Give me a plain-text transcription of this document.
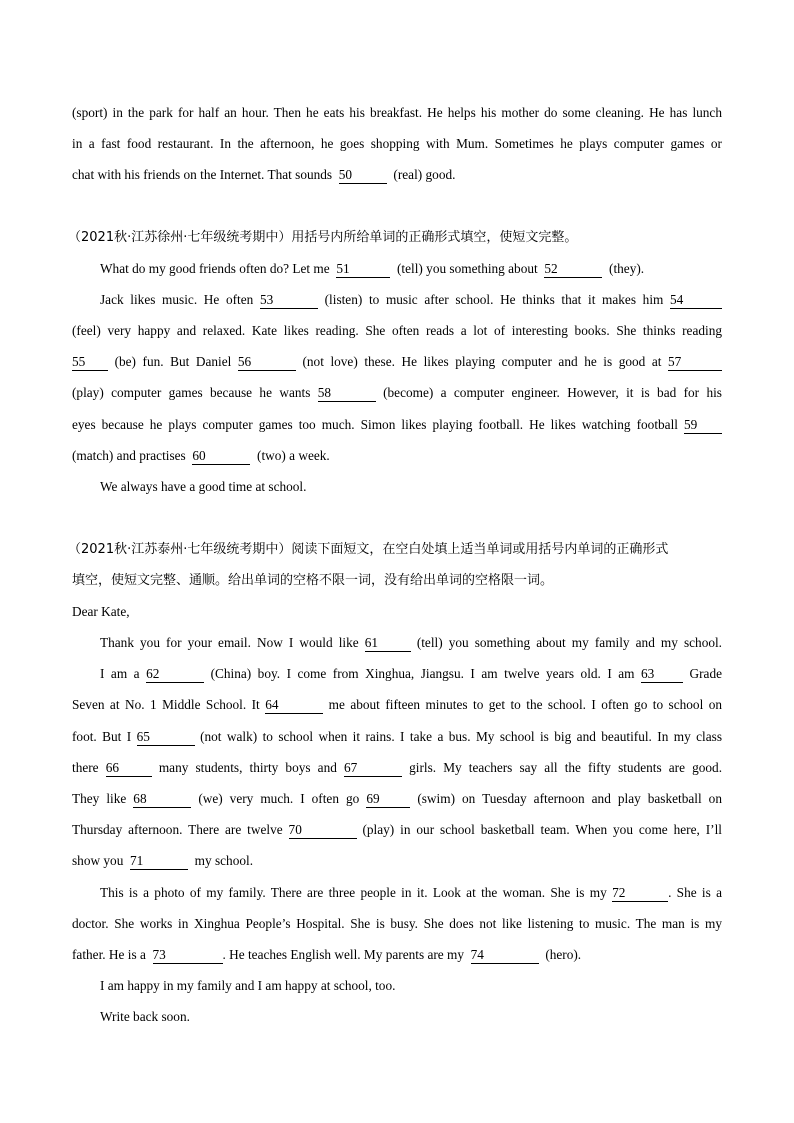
(sport) in the park for half an hour. Then he eats his breakfast. He helps his mother do some cleaning. He has lunch
in a fast food restaurant. In the afternoon, he goes shopping with Mum. Sometimes he plays computer games or
chat with his friends on the Internet. That sounds 50	(real) good.
（2021秋·江苏徐州·七年级统考期中）用括号内所给单词的正确形式填空，使短文完整。
What do my good friends often do? Let me 51	(tell) you something about 52	(they).
Jack likes music. He often 53	(listen) to music after school. He thinks that it makes him 54
(feel) very happy and relaxed. Kate likes reading. She often reads a lot of interesting books. She thinks reading
55 (be) fun. But Daniel 56	(not love) these. He likes playing computer and he is good at 57
(play) computer games because he wants 58	(become) a computer engineer. However, it is bad for his
eyes because he plays computer games too much. Simon likes playing football. He likes watching football 59
(match) and practises 60	(two) a week.
We always have a good time at school.
（2021秋·江苏泰州·七年级统考期中）阅读下面短文，在空白处填上适当单词或用括号内单词的正确形式
填空，使短文完整、通顺。给出单词的空格不限一词，没有给出单词的空格限一词。
Dear Kate,
Thank you for your email. Now I would like 61	(tell) you something about my family and my school.
I am a 62	(China) boy. I come from Xinghua, Jiangsu. I am twelve years old. I am 63	Grade
Seven at No. 1 Middle School. It 64	me about fifteen minutes to get to the school. I often go to school on
foot. But I 65	(not walk) to school when it rains. I take a bus. My school is big and beautiful. In my class
there 66	many students, thirty boys and 67	girls. My teachers say all the fifty students are good.
They like 68	(we) very much. I often go 69	(swim) on Tuesday afternoon and play basketball on
Thursday afternoon. There are twelve 70	(play) in our school basketball team. When you come here, I’ll
show you 71	my school.
This is a photo of my family. There are three people in it. Look at the woman. She is my 72	. She is a
doctor. She works in Xinghua People’s Hospital. She is busy. She does not like listening to music. The man is my
father. He is a 73	. He teaches English well. My parents are my 74	(hero).
I am happy in my family and I am happy at school, too.
Write back soon.
